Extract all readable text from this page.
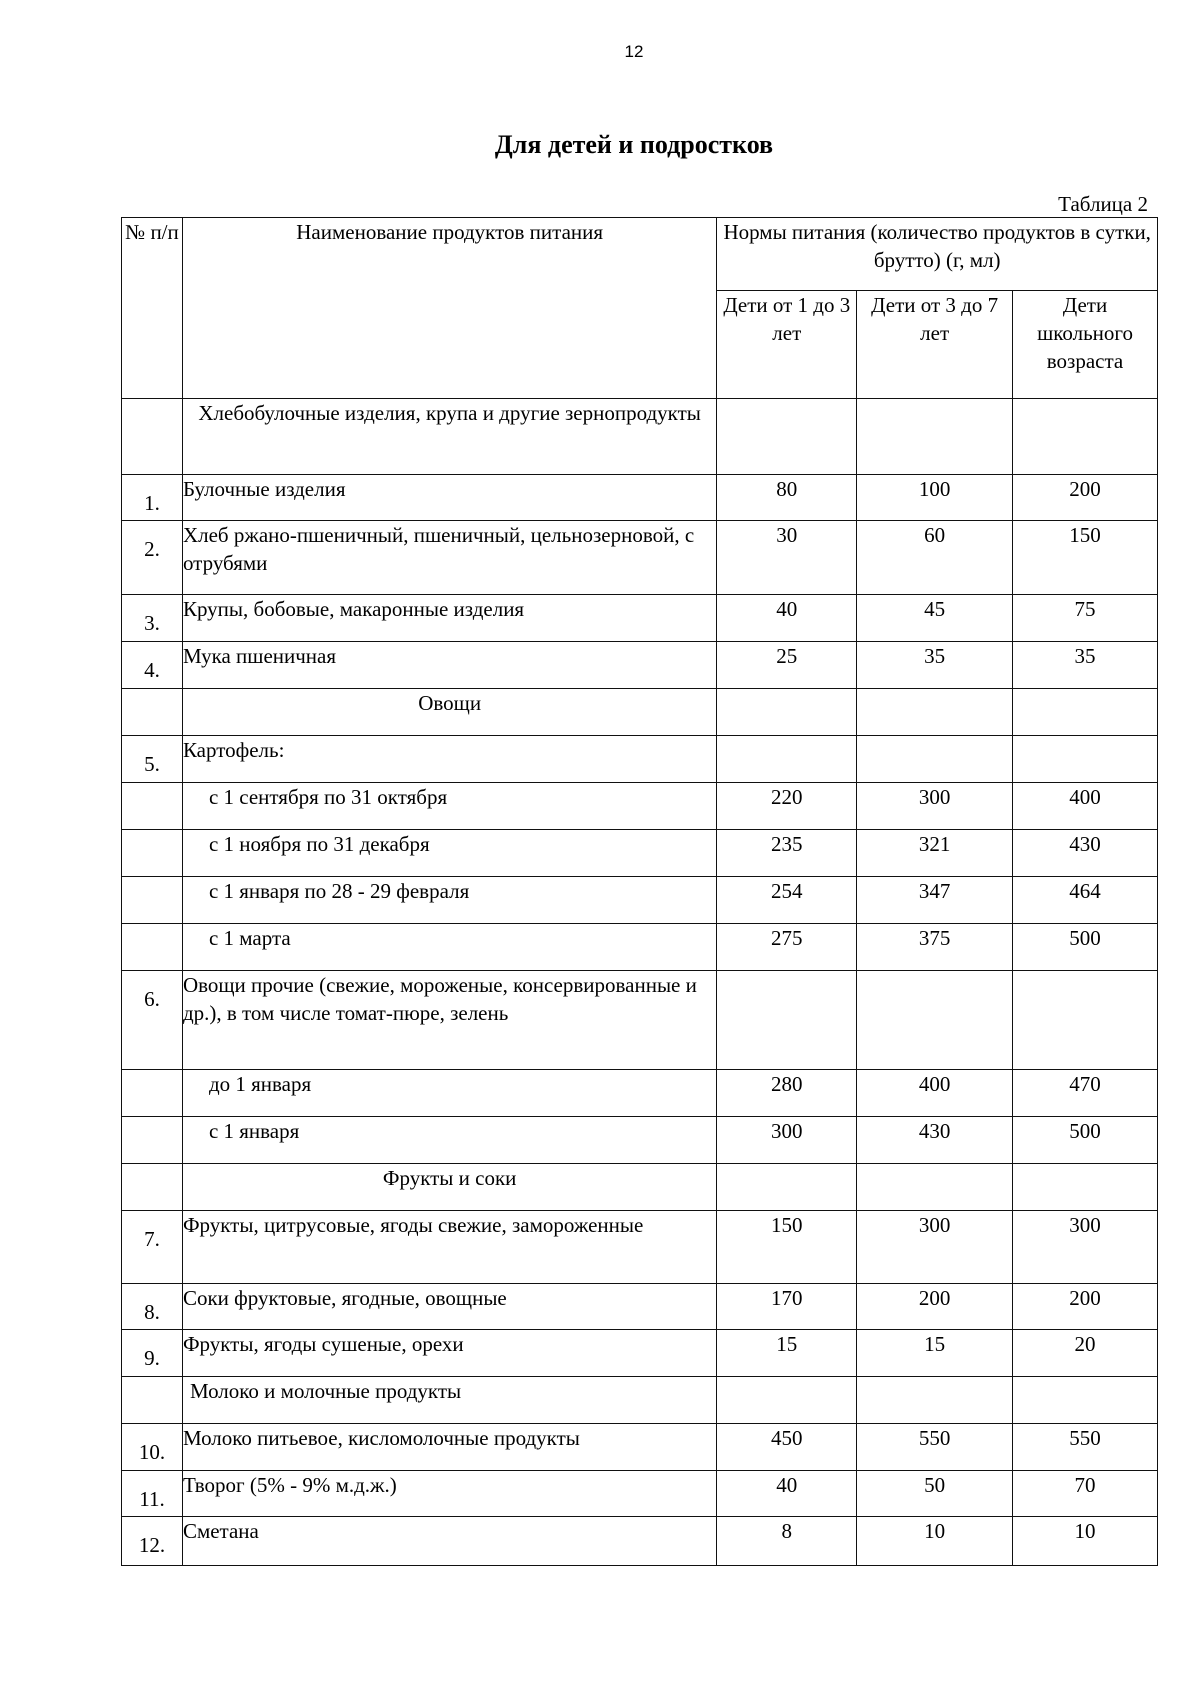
12
Для детей и подростков
Таблица 2
№ п/п	Наименование продуктов питания	Нормы питания (количество продуктов в сутки, брутто) (г, мл)		
		Дети от 1 до 3 лет	Дети от 3 до 7 лет	Дети школьного возраста
	Хлебобулочные изделия, крупа и другие зернопродукты			
1.	Булочные изделия	80	100	200
2.	Хлеб ржано-пшеничный, пшеничный, цельнозерновой, с отрубями	30	60	150
3.	Крупы, бобовые, макаронные изделия	40	45	75
4.	Мука пшеничная	25	35	35
	Овощи			
5.	Картофель:			
	с 1 сентября по 31 октября	220	300	400
	с 1 ноября по 31 декабря	235	321	430
	с 1 января по 28 - 29 февраля	254	347	464
	с 1 марта	275	375	500
6.	Овощи прочие (свежие, мороженые, консервированные и др.), в том числе томат-пюре, зелень			
	до 1 января	280	400	470
	с 1 января	300	430	500
	Фрукты и соки			
7.	Фрукты, цитрусовые, ягоды свежие, замороженные	150	300	300
8.	Соки фруктовые, ягодные, овощные	170	200	200
9.	Фрукты, ягоды сушеные, орехи	15	15	20
	Молоко и молочные продукты			
10.	Молоко питьевое, кисломолочные продукты	450	550	550
11.	Творог (5% - 9% м.д.ж.)	40	50	70
12.	Сметана	8	10	10
